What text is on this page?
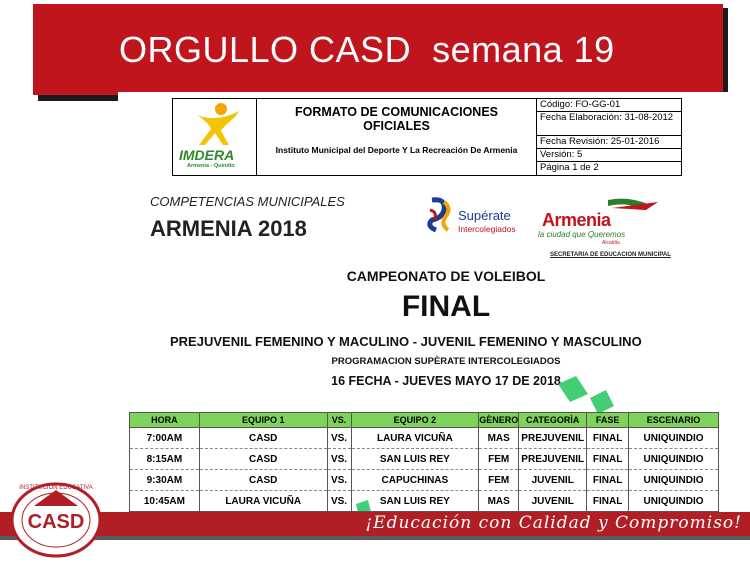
ORGULLO CASD  semana 19
IMDERA
Armenia - Quindío
FORMATO DE COMUNICACIONES OFICIALES
Instituto Municipal del Deporte Y La Recreación De Armenia
Código: FO-GG-01
Fecha Elaboración: 31-08-2012
Fecha Revisión: 25-01-2016
Versión: 5
Página 1 de 2
COMPETENCIAS MUNICIPALES
ARMENIA 2018
Supérate
Intercolegiados Armenia
la ciudad que Queremos
Alcaldía
SECRETARIA DE EDUCACION MUNICIPAL
CAMPEONATO DE VOLEIBOL
FINAL
PREJUVENIL FEMENINO Y MACULINO - JUVENIL FEMENINO Y MASCULINO
PROGRAMACION SUPÈRATE INTERCOLEGIADOS
16 FECHA - JUEVES MAYO 17 DE 2018
HORA	EQUIPO 1	VS.	EQUIPO 2	GÈNERO	CATEGORÌA	FASE	ESCENARIO
7:00AM	CASD	VS.	LAURA VICUÑA	MAS	PREJUVENIL	FINAL	UNIQUINDIO
8:15AM	CASD	VS.	SAN LUIS REY	FEM	PREJUVENIL	FINAL	UNIQUINDIO
9:30AM	CASD	VS.	CAPUCHINAS	FEM	JUVENIL	FINAL	UNIQUINDIO
10:45AM	LAURA VICUÑA	VS.	SAN LUIS REY	MAS	JUVENIL	FINAL	UNIQUINDIO
¡Educación con Calidad y Compromiso!
INSTITUCIÓN EDUCATIVA
CASD
